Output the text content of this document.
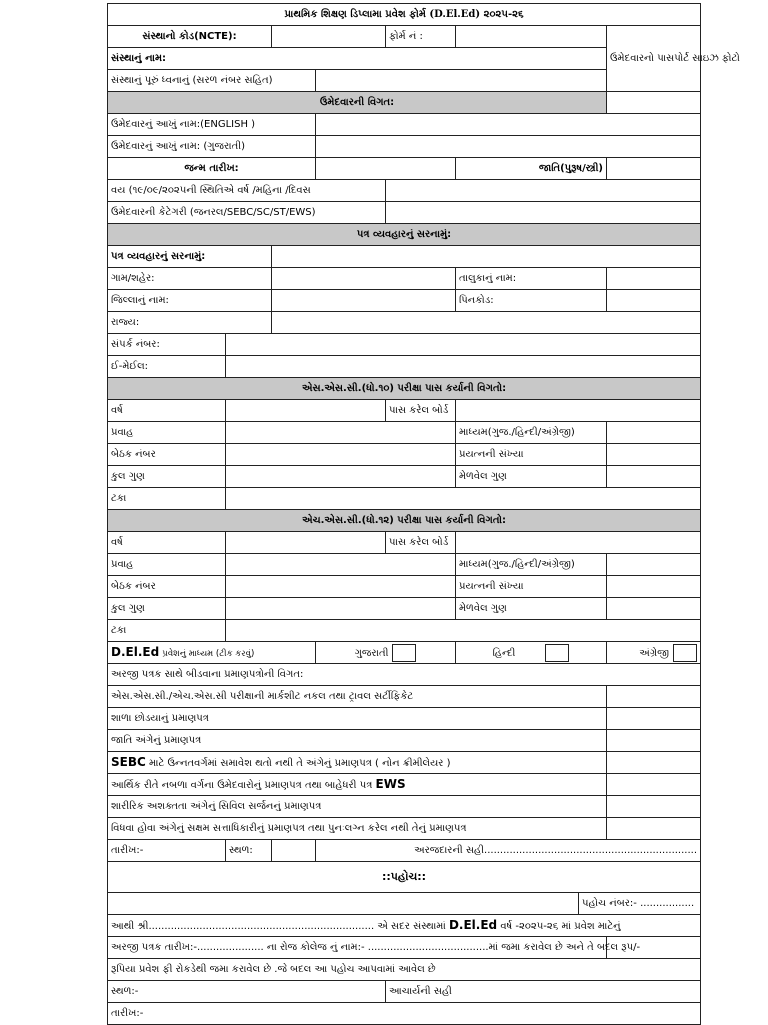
પ્રાથમિક શિક્ષણ ડિપ્લામા પ્રવેશ ફોર્મ (D.El.Ed) ૨૦૨૫-૨૬							
સંસ્થાનો કોડ(NCTE):				ફોર્મ નં :			ઉમેદવારનો પાસપોર્ટ સાઇઝ ફોટો
સંસ્થાનું નામ:							
સંસ્થાનું પૂરું ધ્વનાનું (સરળ નંબર સહિત)							
ઉમેદવારની વિગત:							
ઉમેદવારનું આખું નામ:(ENGLISH )							
ઉમેદવારનું આખું નામ: (ગુજરાતી)							
જન્મ તારીખ:					જાતિ(પુરૂષ/સ્ત્રી)		
વય (૧૯/૦૯/૨૦૨૫ની સ્થિતિએ વર્ષ /મહિના /દિવસ							
ઉમેદવારની કેટેગરી (જનરલ/SEBC/SC/ST/EWS)							
પત્ર વ્યવહારનું સરનામું:							
પત્ર વ્યવહારનું સરનામું:							
ગામ/શહેર:					તાલુકાનું નામ:		
જિલ્લાનું નામ:					પિનકોડ:		
રાજ્ય:							
સંપર્ક નંબર:							
ઈ-મેઈલ:							
એસ.એસ.સી.(ધો.૧૦) પરીક્ષા પાસ કર્યાની વિગતો:							
વર્ષ				પાસ કરેલ બોર્ડ			
પ્રવાહ					માધ્યમ(ગુજ./હિન્દી/અંગ્રેજી)		
બેઠક નંબર					પ્રયત્નની સંખ્યા		
કુલ ગુણ					મેળવેલ ગુણ		
ટકા							
એચ.એસ.સી.(ધો.૧૨) પરીક્ષા પાસ કર્યાની વિગતો:							
વર્ષ				પાસ કરેલ બોર્ડ			
પ્રવાહ					માધ્યમ(ગુજ./હિન્દી/અંગ્રેજી)		
બેઠક નંબર					પ્રયત્નની સંખ્યા		
કુલ ગુણ					મેળવેલ ગુણ		
ટકા							
D.El.Ed પ્રવેશનું માધ્યમ (ટીક કરવું)			ગુજરાતી		હિન્દી		અંગ્રેજી
અરજી પત્રક સાથે બીડવાના પ્રમાણપત્રોની વિગત:							
એસ.એસ.સી./એચ.એસ.સી પરીક્ષાની માર્કશીટ નકલ તથા ટ્રાવલ સર્ટીફિકેટ							
શાળા છોડયાનું પ્રમાણપત્ર							
જાતિ અંગેનું પ્રમાણપત્ર							
SEBC માટે ઉન્નતવર્ગમાં સમાવેશ થતો નથી તે અંગેનું પ્રમાણપત્ર ( નોન ક્રીમીલેયર )							
આર્થિક રીતે નબળા વર્ગના ઉમેદવારોનું પ્રમાણપત્ર તથા બાહેધરી પત્ર EWS							
શારીરિક અશક્તતા અંગેનું સિવિલ સર્જનનું પ્રમાણપત્ર							
વિધવા હોવા અંગેનું સક્ષમ સત્તાધિકારીનું પ્રમાણપત્ર તથા પુનઃલગ્ન કરેલ નથી તેનું પ્રમાણપત્ર							
તારીખ:-	સ્થળ:		અરજદારની સહી...................................................................				
::પહોચ::							
						પહોચ નંબર:- .................	
આથી શ્રી....................................................................... એ સદર સંસ્થામાં D.El.Ed વર્ષ -૨૦૨૫-૨૬ માં પ્રવેશ માટેનું							
અરજી પત્રક તારીખ:-..................... ના રોજ કોલેજ નું નામ:- ......................................માં જમા કરાવેલ છે અને તે બદલ રૂપ/-							
રૂપિયા પ્રવેશ ફી રોકડેથી જમા કરાવેલ છે .જે બદલ આ પહોચ આપવામાં આવેલ છે							
સ્થળ:-				આચાર્યની સહી			
તારીખ:-							
